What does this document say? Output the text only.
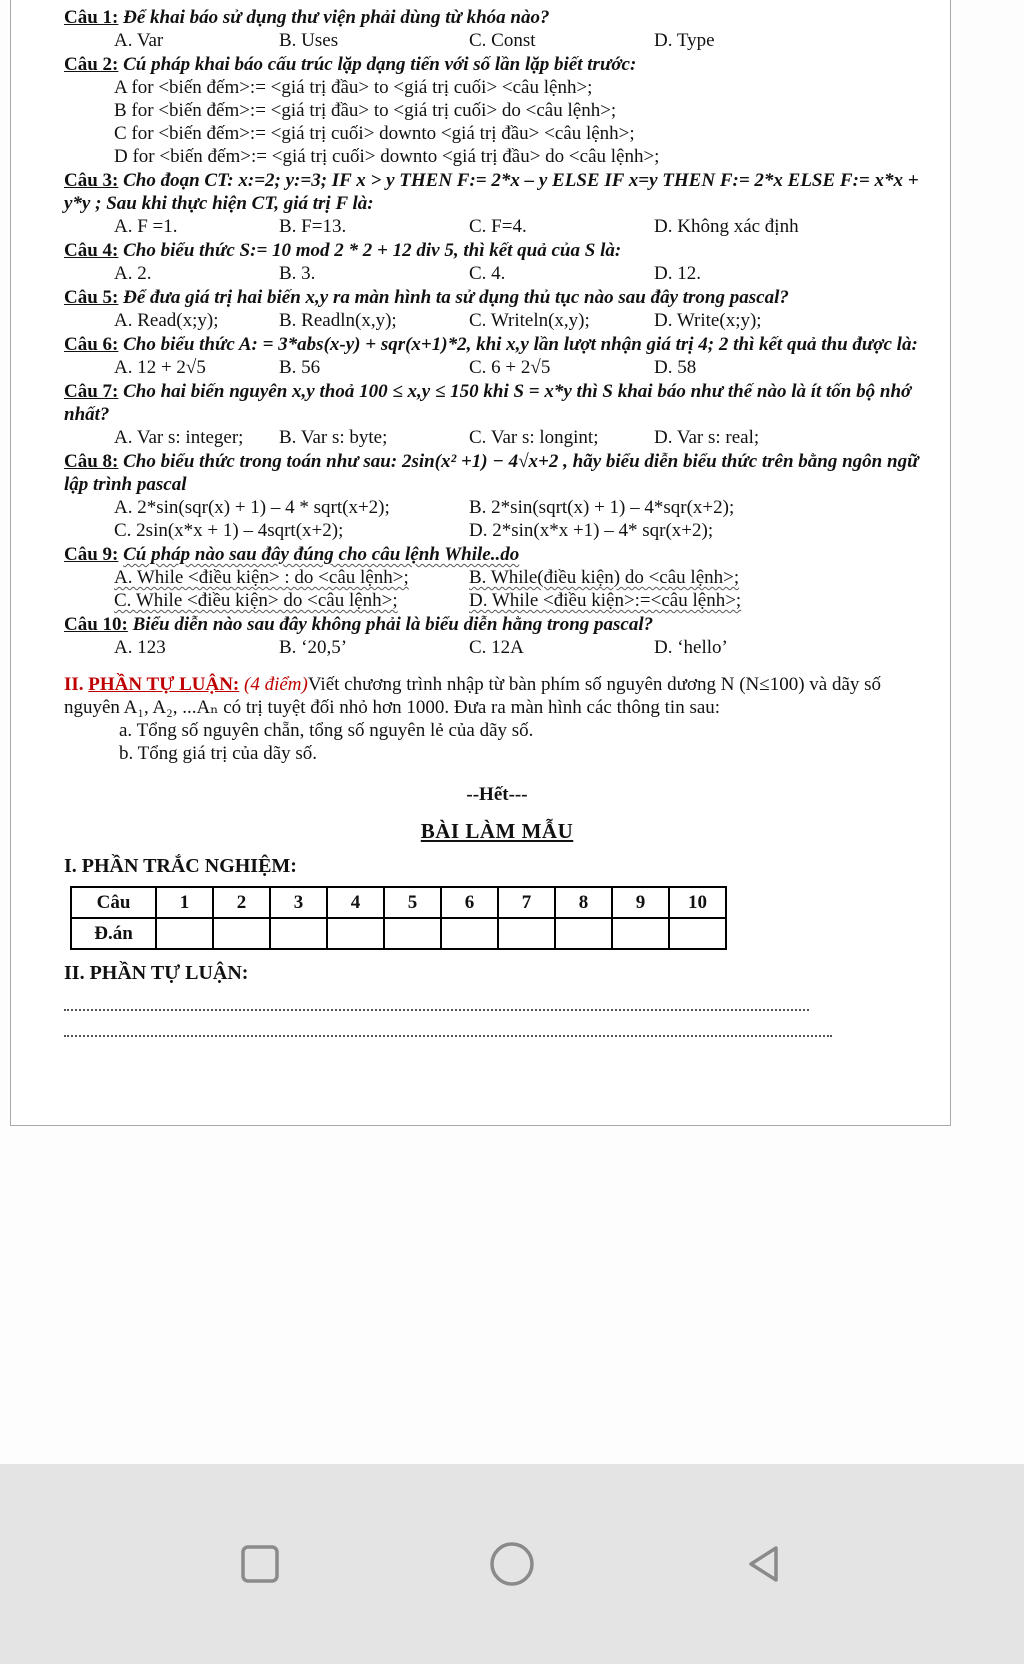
Câu 1: Để khai báo sử dụng thư viện phải dùng từ khóa nào?

A. Var	B. Uses	C. Const	D. Type

Câu 2: Cú pháp khai báo cấu trúc lặp dạng tiến với số lần lặp biết trước:

A for <biến đếm>:= <giá trị đầu> to <giá trị cuối> <câu lệnh>;
B for <biến đếm>:= <giá trị đầu> to <giá trị cuối> do <câu lệnh>;
C for <biến đếm>:= <giá trị cuối> downto <giá trị đầu> <câu lệnh>;
D for <biến đếm>:= <giá trị cuối> downto <giá trị đầu> do <câu lệnh>;

Câu 3: Cho đoạn CT: x:=2; y:=3; IF x > y THEN F:= 2*x – y ELSE IF x=y THEN F:= 2*x ELSE F:= x*x + y*y ; Sau khi thực hiện CT, giá trị F là:

A. F =1.	B. F=13.	C. F=4.	D. Không xác định

Câu 4: Cho biểu thức S:= 10 mod 2 * 2 + 12 div 5, thì kết quả của S là:

A. 2.	B. 3.	C. 4.	D. 12.

Câu 5: Để đưa giá trị hai biến x,y ra màn hình ta sử dụng thủ tục nào sau đây trong pascal?

A. Read(x;y);	B. Readln(x,y);	C. Writeln(x,y);	D. Write(x;y);

Câu 6: Cho biểu thức A: = 3*abs(x-y) + sqr(x+1)*2, khi x,y lần lượt nhận giá trị 4; 2 thì kết quả thu được là:

A. 12 + 2√5	B. 56	C. 6 + 2√5	D. 58

Câu 7: Cho hai biến nguyên x,y thoả 100 ≤ x,y ≤ 150 khi S = x*y thì S khai báo như thế nào là ít tốn bộ nhớ nhất?

A. Var s: integer;	B. Var s: byte;	C. Var s: longint;	D. Var s: real;

Câu 8: Cho biểu thức trong toán như sau: 2sin(x² +1) − 4√x+2 , hãy biểu diễn biểu thức trên bằng ngôn ngữ lập trình pascal

A. 2*sin(sqr(x) + 1) – 4 * sqrt(x+2);	B. 2*sin(sqrt(x) + 1) – 4*sqr(x+2);
C. 2sin(x*x + 1) – 4sqrt(x+2);	D. 2*sin(x*x +1) – 4* sqr(x+2);

Câu 9: Cú pháp nào sau đây đúng cho câu lệnh While..do

A. While <điều kiện> : do <câu lệnh>;	B. While(điều kiện) do <câu lệnh>;
C. While <điều kiện> do <câu lệnh>;	D. While <điều kiện>:=<câu lệnh>;

Câu 10: Biểu diễn nào sau đây không phải là biểu diễn hằng trong pascal?

A. 123	B. ‘20,5’	C. 12A	D. ‘hello’

II. PHẦN TỰ LUẬN: (4 điểm)Viết chương trình nhập từ bàn phím số nguyên dương N (N≤100) và dãy số nguyên A₁, A₂, ...Aₙ có trị tuyệt đối nhỏ hơn 1000. Đưa ra màn hình các thông tin sau:

a. Tổng số nguyên chẵn, tổng số nguyên lẻ của dãy số.

b. Tổng giá trị của dãy số.

--Hết---

BÀI LÀM MẪU

I. PHẦN TRẮC NGHIỆM:

Câu	1	2	3	4	5	6	7	8	9	10
Đ.án										

II. PHẦN TỰ LUẬN:
